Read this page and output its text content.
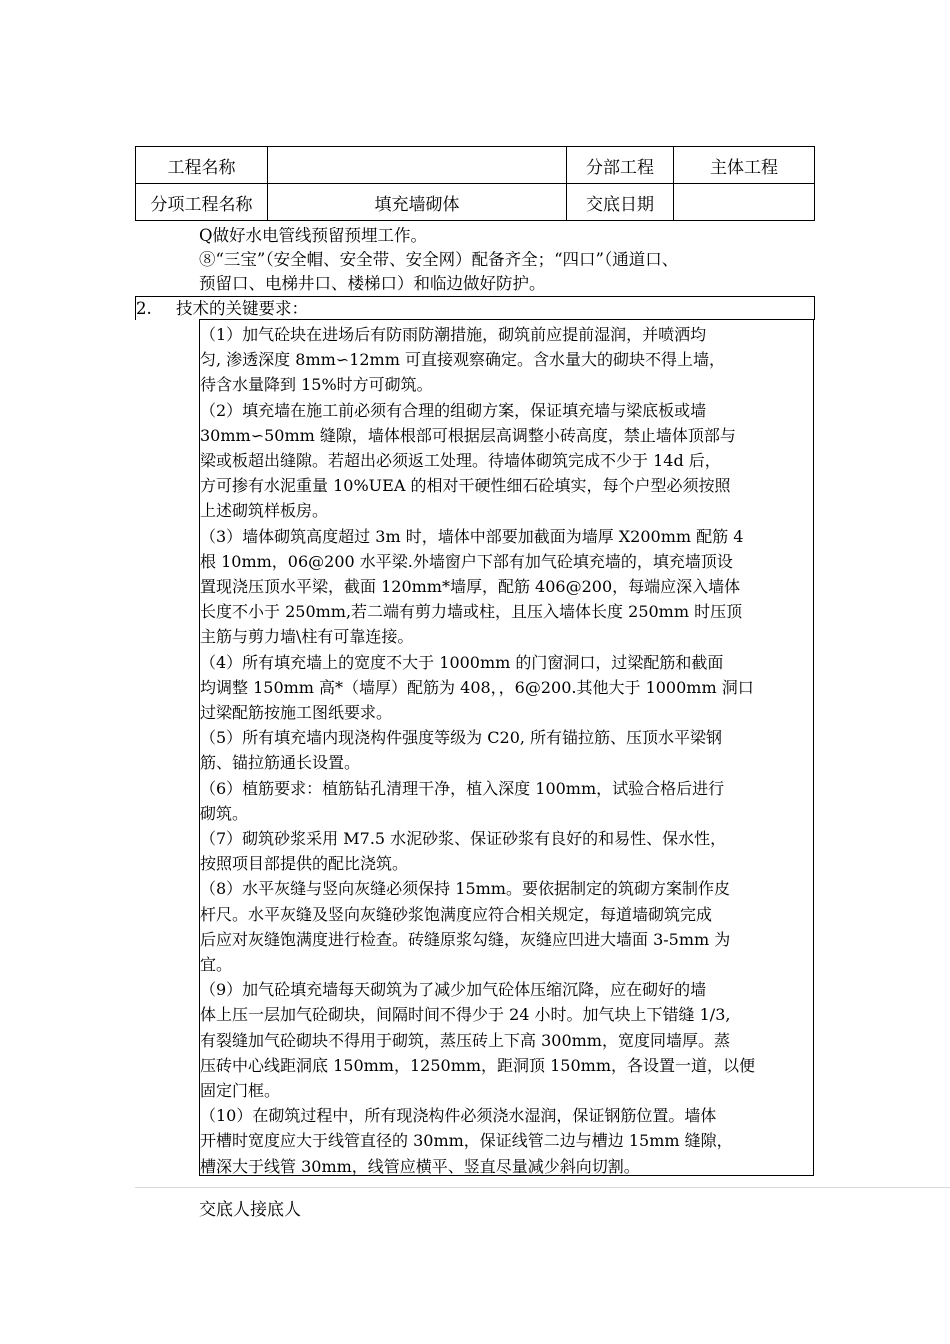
工程名称		分部工程	主体工程
分项工程名称	填充墙砌体	交底日期	
Q做好水电管线预留预埋工作。
⑧“三宝”（安全帽、安全带、安全网）配备齐全；“四口”（通道口、
预留口、电梯井口、楼梯口）和临边做好防护。
2. 技术的关键要求：
（1）加气砼块在进场后有防雨防潮措施，砌筑前应提前湿润，并喷洒均
匀, 渗透深度 8mm∽12mm 可直接观察确定。含水量大的砌块不得上墙，
待含水量降到 15%时方可砌筑。
（2）填充墙在施工前必须有合理的组砌方案，保证填充墙与梁底板或墙
30mm∽50mm 缝隙，墙体根部可根据层高调整小砖高度，禁止墙体顶部与
梁或板超出缝隙。若超出必须返工处理。待墙体砌筑完成不少于 14d 后，
方可掺有水泥重量 10%UEA 的相对干硬性细石砼填实，每个户型必须按照
上述砌筑样板房。
（3）墙体砌筑高度超过 3m 时，墙体中部要加截面为墙厚 X200mm 配筋 4
根 10mm，06@200 水平梁.外墙窗户下部有加气砼填充墙的，填充墙顶设
置现浇压顶水平梁，截面 120mm*墙厚，配筋 406@200，每端应深入墙体
长度不小于 250mm,若二端有剪力墙或柱，且压入墙体长度 250mm 时压顶
主筋与剪力墙\柱有可靠连接。
（4）所有填充墙上的宽度不大于 1000mm 的门窗洞口，过梁配筋和截面
均调整 150mm 高*（墙厚）配筋为 408，，6@200.其他大于 1000mm 洞口
过梁配筋按施工图纸要求。
（5）所有填充墙内现浇构件强度等级为 C20, 所有锚拉筋、压顶水平梁钢
筋、锚拉筋通长设置。
（6）植筋要求：植筋钻孔清理干净，植入深度 100mm，试验合格后进行
砌筑。
（7）砌筑砂浆采用 M7.5 水泥砂浆、保证砂浆有良好的和易性、保水性，
按照项目部提供的配比浇筑。
（8）水平灰缝与竖向灰缝必须保持 15mm。要依据制定的筑砌方案制作皮
杆尺。水平灰缝及竖向灰缝砂浆饱满度应符合相关规定，每道墙砌筑完成
后应对灰缝饱满度进行检查。砖缝原浆勾缝，灰缝应凹进大墙面 3-5mm 为
宜。
（9）加气砼填充墙每天砌筑为了减少加气砼体压缩沉降，应在砌好的墙
体上压一层加气砼砌块，间隔时间不得少于 24 小时。加气块上下错缝 1/3,
有裂缝加气砼砌块不得用于砌筑，蒸压砖上下高 300mm，宽度同墙厚。蒸
压砖中心线距洞底 150mm，1250mm，距洞顶 150mm，各设置一道，以便
固定门框。
（10）在砌筑过程中，所有现浇构件必须浇水湿润，保证钢筋位置。墙体
开槽时宽度应大于线管直径的 30mm，保证线管二边与槽边 15mm 缝隙，
槽深大于线管 30mm，线管应横平、竖直尽量减少斜向切割。
交底人接底人
